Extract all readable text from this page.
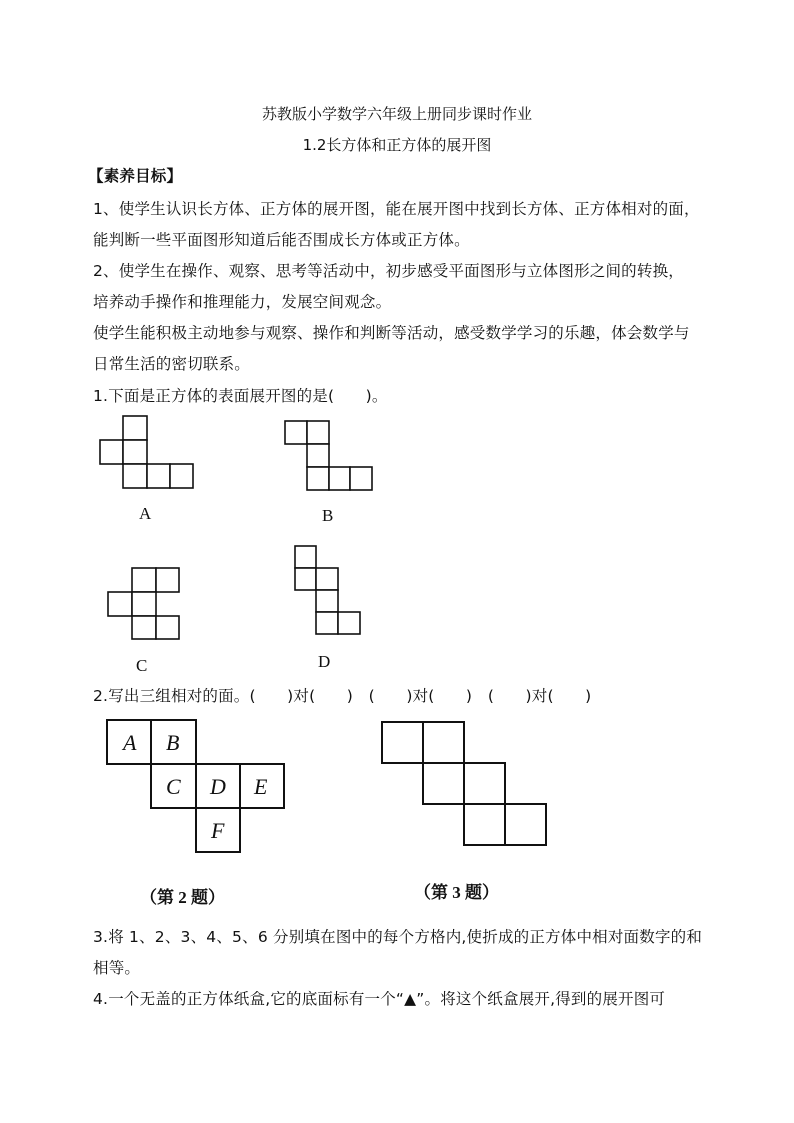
苏教版小学数学六年级上册同步课时作业
1.2长方体和正方体的展开图
【素养目标】
1、使学生认识长方体、正方体的展开图，能在展开图中找到长方体、正方体相对的面，
能判断一些平面图形知道后能否围成长方体或正方体。
2、使学生在操作、观察、思考等活动中，初步感受平面图形与立体图形之间的转换，
培养动手操作和推理能力，发展空间观念。
使学生能积极主动地参与观察、操作和判断等活动，感受数学学习的乐趣，体会数学与
日常生活的密切联系。
1.下面是正方体的表面展开图的是(　　)。
A	B
C	D
2.写出三组相对的面。(　　)对(　　)　(　　)对(　　)　(　　)对(　　)
A B
C D E
F
（第 2 题）	（第 3 题）
3.将 1、2、3、4、5、6 分别填在图中的每个方格内,使折成的正方体中相对面数字的和
相等。
4.一个无盖的正方体纸盒,它的底面标有一个“▲”。将这个纸盒展开,得到的展开图可
